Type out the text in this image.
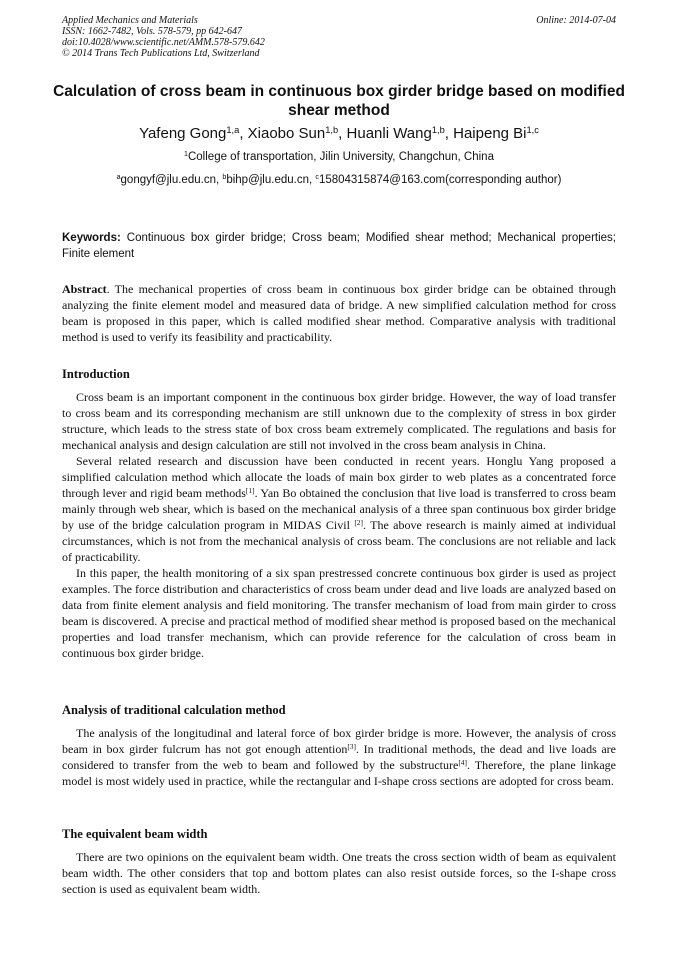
Applied Mechanics and Materials
ISSN: 1662-7482, Vols. 578-579, pp 642-647
doi:10.4028/www.scientific.net/AMM.578-579.642
© 2014 Trans Tech Publications Ltd, Switzerland
Online: 2014-07-04
Calculation of cross beam in continuous box girder bridge based on modified shear method
Yafeng Gong$^{1,a}$, Xiaobo Sun$^{1,b}$, Huanli Wang$^{1,b}$, Haipeng Bi$^{1,c}$
$^1$College of transportation, Jilin University, Changchun, China
$^a$gongyf@jlu.edu.cn, $^b$bihp@jlu.edu.cn, $^c$15804315874@163.com(corresponding author)
Keywords: Continuous box girder bridge; Cross beam; Modified shear method; Mechanical properties; Finite element
Abstract. The mechanical properties of cross beam in continuous box girder bridge can be obtained through analyzing the finite element model and measured data of bridge. A new simplified calculation method for cross beam is proposed in this paper, which is called modified shear method. Comparative analysis with traditional method is used to verify its feasibility and practicability.
Introduction

Cross beam is an important component in the continuous box girder bridge. However, the way of load transfer to cross beam and its corresponding mechanism are still unknown due to the complexity of stress in box girder structure, which leads to the stress state of box cross beam extremely complicated. The regulations and basis for mechanical analysis and design calculation are still not involved in the cross beam analysis in China.

Several related research and discussion have been conducted in recent years. Honglu Yang proposed a simplified calculation method which allocate the loads of main box girder to web plates as a concentrated force through lever and rigid beam methods[1]. Yan Bo obtained the conclusion that live load is transferred to cross beam mainly through web shear, which is based on the mechanical analysis of a three span continuous box girder bridge by use of the bridge calculation program in MIDAS Civil [2]. The above research is mainly aimed at individual circumstances, which is not from the mechanical analysis of cross beam. The conclusions are not reliable and lack of practicability.

In this paper, the health monitoring of a six span prestressed concrete continuous box girder is used as project examples. The force distribution and characteristics of cross beam under dead and live loads are analyzed based on data from finite element analysis and field monitoring. The transfer mechanism of load from main girder to cross beam is discovered. A precise and practical method of modified shear method is proposed based on the mechanical properties and load transfer mechanism, which can provide reference for the calculation of cross beam in continuous box girder bridge.

Analysis of traditional calculation method

The analysis of the longitudinal and lateral force of box girder bridge is more. However, the analysis of cross beam in box girder fulcrum has not got enough attention[3]. In traditional methods, the dead and live loads are considered to transfer from the web to beam and followed by the substructure[4]. Therefore, the plane linkage model is most widely used in practice, while the rectangular and I-shape cross sections are adopted for cross beam.

The equivalent beam width

There are two opinions on the equivalent beam width. One treats the cross section width of beam as equivalent beam width. The other considers that top and bottom plates can also resist outside forces, so the I-shape cross section is used as equivalent beam width.
